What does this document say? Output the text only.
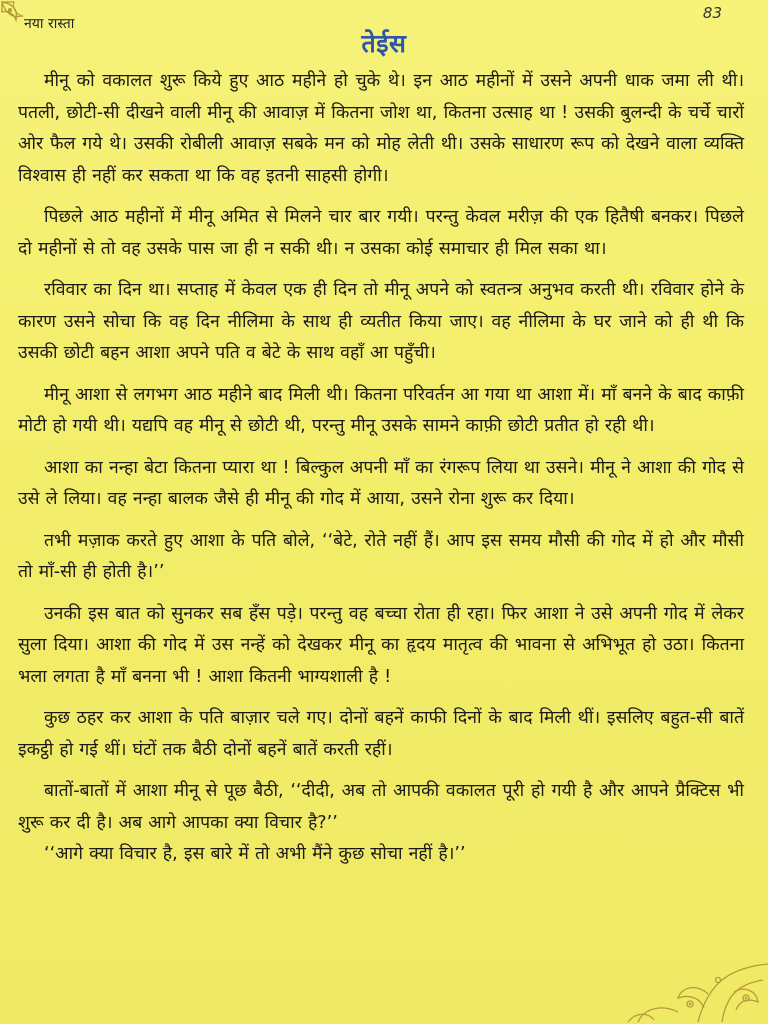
नया रास्ता
83
तेईस

मीनू को वकालत शुरू किये हुए आठ महीने हो चुके थे। इन आठ महीनों में उसने अपनी धाक जमा ली थी। पतली, छोटी-सी दीखने वाली मीनू की आवाज़ में कितना जोश था, कितना उत्साह था ! उसकी बुलन्दी के चर्चे चारों ओर फैल गये थे। उसकी रोबीली आवाज़ सबके मन को मोह लेती थी। उसके साधारण रूप को देखने वाला व्यक्ति विश्वास ही नहीं कर सकता था कि वह इतनी साहसी होगी।

पिछले आठ महीनों में मीनू अमित से मिलने चार बार गयी। परन्तु केवल मरीज़ की एक हितैषी बनकर। पिछले दो महीनों से तो वह उसके पास जा ही न सकी थी। न उसका कोई समाचार ही मिल सका था।

रविवार का दिन था। सप्ताह में केवल एक ही दिन तो मीनू अपने को स्वतन्त्र अनुभव करती थी। रविवार होने के कारण उसने सोचा कि वह दिन नीलिमा के साथ ही व्यतीत किया जाए। वह नीलिमा के घर जाने को ही थी कि उसकी छोटी बहन आशा अपने पति व बेटे के साथ वहाँ आ पहुँची।

मीनू आशा से लगभग आठ महीने बाद मिली थी। कितना परिवर्तन आ गया था आशा में। माँ बनने के बाद काफ़ी मोटी हो गयी थी। यद्यपि वह मीनू से छोटी थी, परन्तु मीनू उसके सामने काफ़ी छोटी प्रतीत हो रही थी।

आशा का नन्हा बेटा कितना प्यारा था ! बिल्कुल अपनी माँ का रंगरूप लिया था उसने। मीनू ने आशा की गोद से उसे ले लिया। वह नन्हा बालक जैसे ही मीनू की गोद में आया, उसने रोना शुरू कर दिया।

तभी मज़ाक करते हुए आशा के पति बोले, ‘‘बेटे, रोते नहीं हैं। आप इस समय मौसी की गोद में हो और मौसी तो माँ-सी ही होती है।’’

उनकी इस बात को सुनकर सब हँस पड़े। परन्तु वह बच्चा रोता ही रहा। फिर आशा ने उसे अपनी गोद में लेकर सुला दिया। आशा की गोद में उस नन्हें को देखकर मीनू का हृदय मातृत्व की भावना से अभिभूत हो उठा। कितना भला लगता है माँ बनना भी ! आशा कितनी भाग्यशाली है !

कुछ ठहर कर आशा के पति बाज़ार चले गए। दोनों बहनें काफी दिनों के बाद मिली थीं। इसलिए बहुत-सी बातें इकट्ठी हो गई थीं। घंटों तक बैठी दोनों बहनें बातें करती रहीं।

बातों-बातों में आशा मीनू से पूछ बैठी, ‘‘दीदी, अब तो आपकी वकालत पूरी हो गयी है और आपने प्रैक्टिस भी शुरू कर दी है। अब आगे आपका क्या विचार है?’’

‘‘आगे क्या विचार है, इस बारे में तो अभी मैंने कुछ सोचा नहीं है।’’
